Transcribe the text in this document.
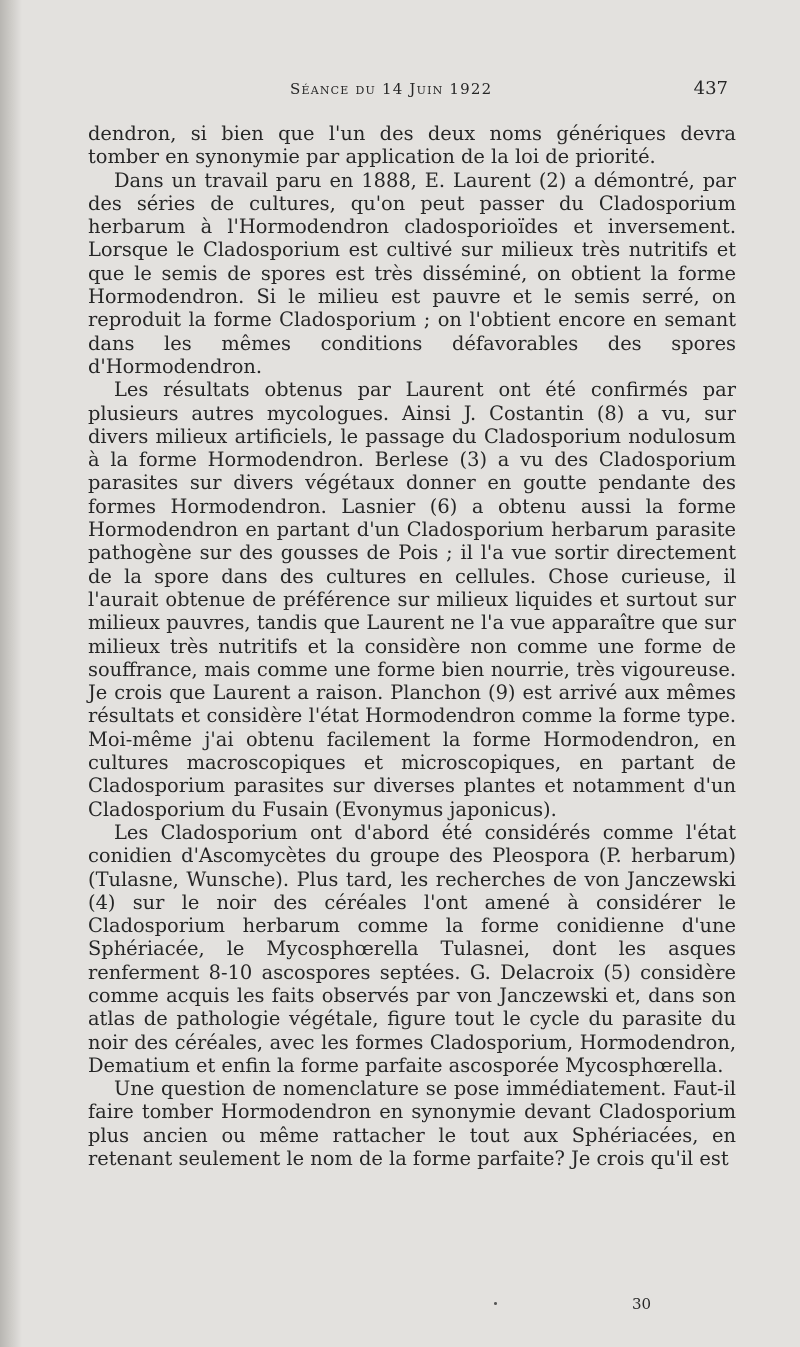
Séance du 14 Juin 1922	437

dendron, si bien que l'un des deux noms génériques devra tomber en synonymie par application de la loi de priorité.

Dans un travail paru en 1888, E. Laurent (2) a démontré, par des séries de cultures, qu'on peut passer du Cladosporium herbarum à l'Hormodendron cladosporioïdes et inversement. Lorsque le Cladosporium est cultivé sur milieux très nutritifs et que le semis de spores est très disséminé, on obtient la forme Hormodendron. Si le milieu est pauvre et le semis serré, on reproduit la forme Cladosporium ; on l'obtient encore en semant dans les mêmes conditions défavorables des spores d'Hormodendron.

Les résultats obtenus par Laurent ont été confirmés par plusieurs autres mycologues. Ainsi J. Costantin (8) a vu, sur divers milieux artificiels, le passage du Cladosporium nodulosum à la forme Hormodendron. Berlese (3) a vu des Cladosporium parasites sur divers végétaux donner en goutte pendante des formes Hormodendron. Lasnier (6) a obtenu aussi la forme Hormodendron en partant d'un Cladosporium herbarum parasite pathogène sur des gousses de Pois ; il l'a vue sortir directement de la spore dans des cultures en cellules. Chose curieuse, il l'aurait obtenue de préférence sur milieux liquides et surtout sur milieux pauvres, tandis que Laurent ne l'a vue apparaître que sur milieux très nutritifs et la considère non comme une forme de souffrance, mais comme une forme bien nourrie, très vigoureuse. Je crois que Laurent a raison. Planchon (9) est arrivé aux mêmes résultats et considère l'état Hormodendron comme la forme type. Moi-même j'ai obtenu facilement la forme Hormodendron, en cultures macroscopiques et microscopiques, en partant de Cladosporium parasites sur diverses plantes et notamment d'un Cladosporium du Fusain (Evonymus japonicus).

Les Cladosporium ont d'abord été considérés comme l'état conidien d'Ascomycètes du groupe des Pleospora (P. herbarum) (Tulasne, Wunsche). Plus tard, les recherches de von Janczewski (4) sur le noir des céréales l'ont amené à considérer le Cladosporium herbarum comme la forme conidienne d'une Sphériacée, le Mycosphœrella Tulasnei, dont les asques renferment 8-10 ascospores septées. G. Delacroix (5) considère comme acquis les faits observés par von Janczewski et, dans son atlas de pathologie végétale, figure tout le cycle du parasite du noir des céréales, avec les formes Cladosporium, Hormodendron, Dematium et enfin la forme parfaite ascosporée Mycosphœrella.

Une question de nomenclature se pose immédiatement. Faut-il faire tomber Hormodendron en synonymie devant Cladosporium plus ancien ou même rattacher le tout aux Sphériacées, en retenant seulement le nom de la forme parfaite? Je crois qu'il est

30
